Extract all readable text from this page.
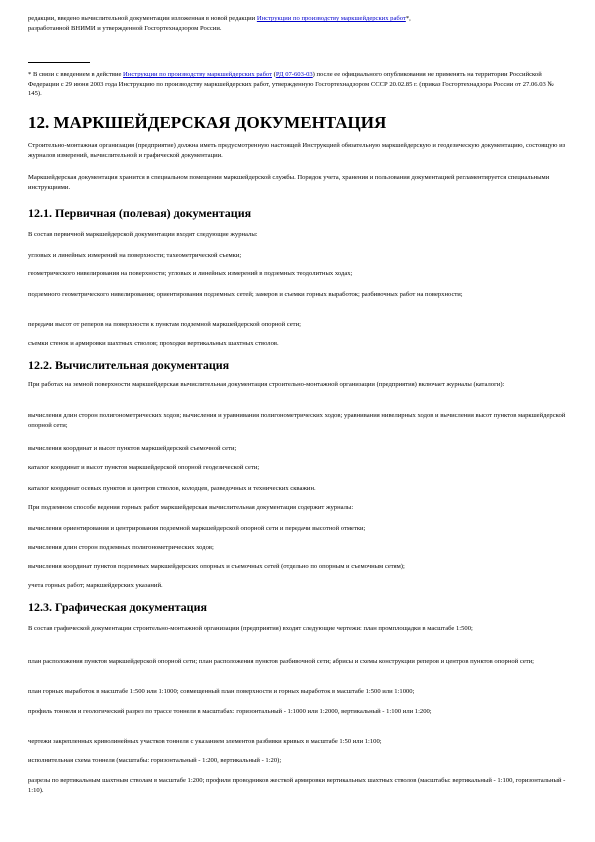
редакции, введено вычислительной документации изложенная в новой редакции Инструкции по производству маркшейдерских работ*,
разработанной ВНИМИ и утвержденной Госгортехнадзором России.

* В связи с введением в действие Инструкции по производству маркшейдерских работ (РД 07-603-03) после ее официального опубликования не применять на территории Российской Федерации с 29 июня 2003 года Инструкцию по производству маркшейдерских работ, утвержденную Госгортехнадзором СССР 20.02.85 г. (приказ Госгортехнадзора России от 27.06.03 № 145).

12. МАРКШЕЙДЕРСКАЯ ДОКУМЕНТАЦИЯ

Строительно-монтажная организация (предприятие) должна иметь предусмотренную настоящей Инструкцией обязательную маркшейдерскую и геодезическую документацию, состоящую из журналов измерений, вычислительной и графической документации.

Маркшейдерская документация хранится в специальном помещении маркшейдерской службы. Порядок учета, хранения и пользования документацией регламентируется специальными инструкциями.

12.1. Первичная (полевая) документация

В состав первичной маркшейдерской документации входят следующие журналы:

угловых и линейных измерений на поверхности; тахеометрической съемки;

геометрического нивелирования на поверхности; угловых и линейных измерений в подземных теодолитных ходах;

подземного геометрического нивелирования; ориентирования подземных сетей; замеров и съемки горных выработок; разбивочных работ на поверхности;

передачи высот от реперов на поверхности к пунктам подземной маркшейдерской опорной сети;

съемки стенок и армировки шахтных стволов; проходки вертикальных шахтных стволов.

12.2. Вычислительная документация

При работах на земной поверхности маркшейдерская вычислительная документация строительно-монтажной организации (предприятия) включает журналы (каталоги):

вычисления длин сторон полигонометрических ходов; вычисления и уравнивания полигонометрических ходов; уравнивания нивелирных ходов и вычисления высот пунктов маркшейдерской опорной сети;

вычисления координат и высот пунктов маркшейдерской съемочной сети;

каталог координат и высот пунктов маркшейдерской опорной геодезической сети;

каталог координат осевых пунктов и центров стволов, колодцев, разведочных и технических скважин.

При подземном способе ведения горных работ маркшейдерская вычислительная документация содержит журналы:

вычисления ориентирования и центрирования подземной маркшейдерской опорной сети и передачи высотной отметки;

вычисления длин сторон подземных полигонометрических ходов;

вычисления координат пунктов подземных маркшейдерских опорных и съемочных сетей (отдельно по опорным и съемочным сетям);

учета горных работ; маркшейдерских указаний.

12.3. Графическая документация

В состав графической документации строительно-монтажной организации (предприятия) входят следующие чертежи: план промплощадки в масштабе 1:500;

план расположения пунктов маркшейдерской опорной сети; план расположения пунктов разбивочной сети; абрисы и схемы конструкции реперов и центров пунктов опорной сети;

план горных выработок в масштабе 1:500 или 1:1000; совмещенный план поверхности и горных выработок в масштабе 1:500 или 1:1000;

профиль тоннеля и геологический разрез по трассе тоннеля в масштабах: горизонтальный - 1:1000 или 1:2000, вертикальный - 1:100 или 1:200;

чертежи закрепленных криволинейных участков тоннеля с указанием элементов разбивки кривых в масштабе 1:50 или 1:100;

исполнительная схема тоннеля (масштабы: горизонтальный - 1:200, вертикальный - 1:20);

разрезы по вертикальным шахтным стволам в масштабе 1:200; профили проводников жесткой армировки вертикальных шахтных стволов (масштабы: вертикальный - 1:100, горизонтальный - 1:10).
